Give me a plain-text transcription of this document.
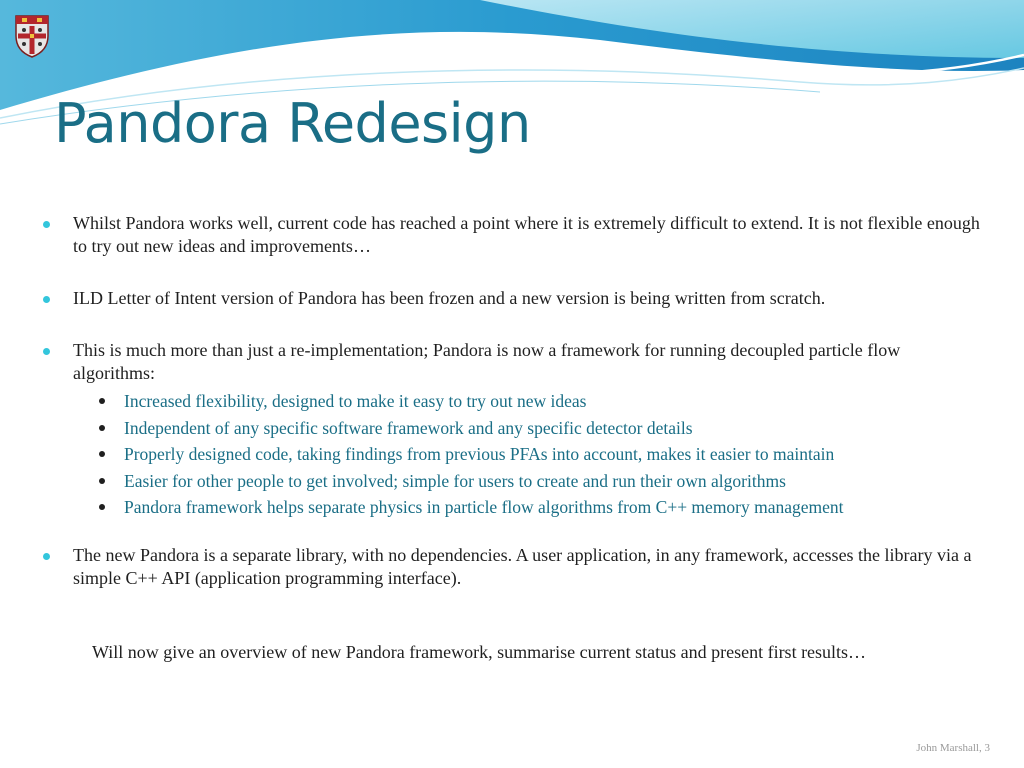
Pandora Redesign
Whilst Pandora works well, current code has reached a point where it is extremely difficult to extend. It is not flexible enough to try out new ideas and improvements…
ILD Letter of Intent version of Pandora has been frozen and a new version is being written from scratch.
This is much more than just a re-implementation; Pandora is now a framework for running decoupled particle flow algorithms:
Increased flexibility, designed to make it easy to try out new ideas
Independent of any specific software framework and any specific detector details
Properly designed code, taking findings from previous PFAs into account, makes it easier to maintain
Easier for other people to get involved; simple for users to create and run their own algorithms
Pandora framework helps separate physics in particle flow algorithms from C++ memory management
The new Pandora is a separate library, with no dependencies. A user application, in any framework, accesses the library via a simple C++ API (application programming interface).
Will now give an overview of new Pandora framework, summarise current status and present first results…
John Marshall, 3
